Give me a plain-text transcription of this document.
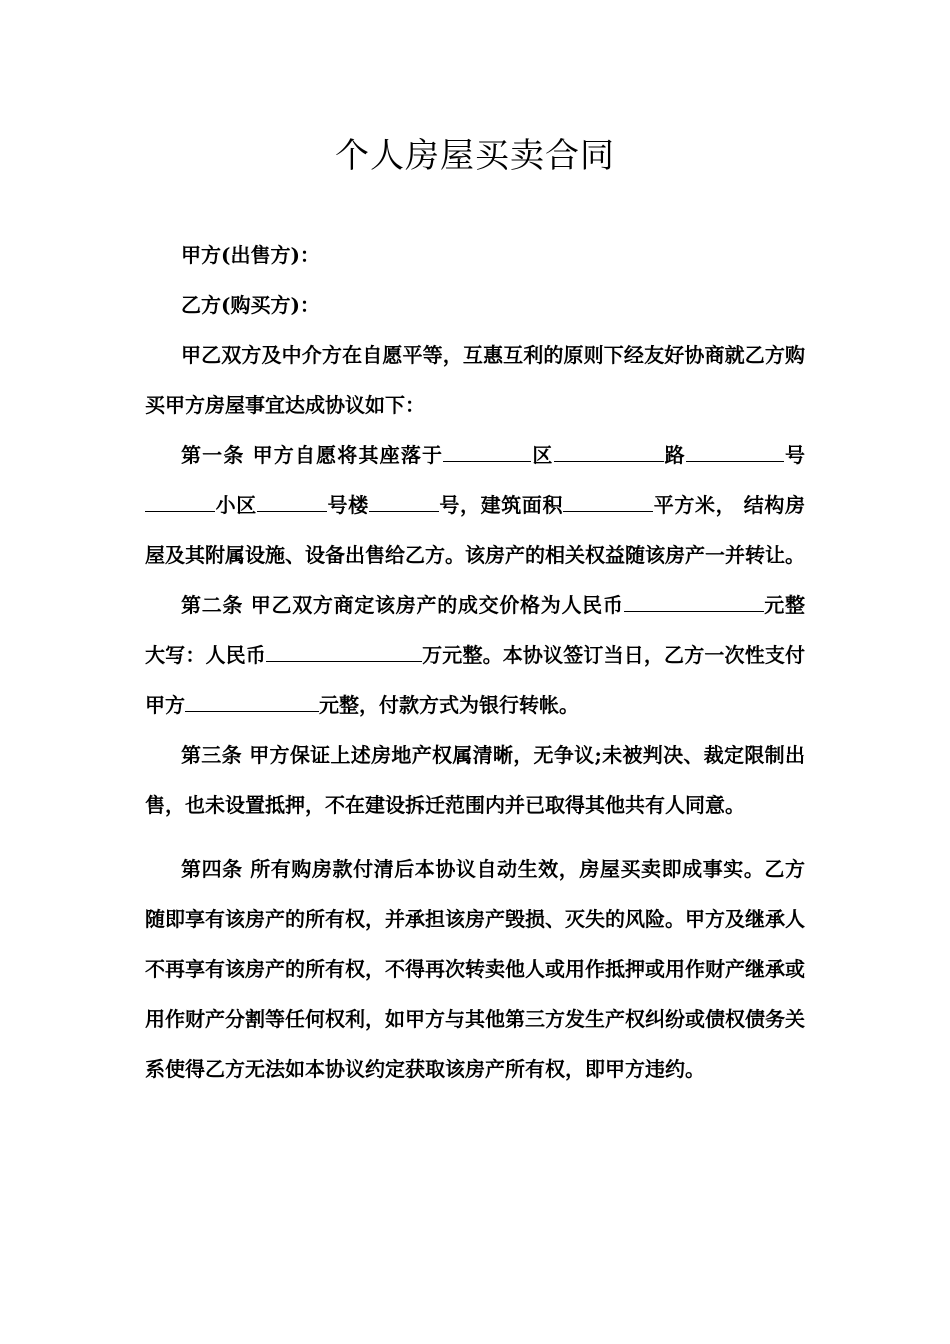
个人房屋买卖合同

甲方(出售方)：

乙方(购买方)：

甲乙双方及中介方在自愿平等，互惠互利的原则下经友好协商就乙方购买甲方房屋事宜达成协议如下：

第一条 甲方自愿将其座落于	区	路	号小区	号楼	号，建筑面积	平方米， 结构房屋及其附属设施、设备出售给乙方。该房产的相关权益随该房产一并转让。

第二条 甲乙双方商定该房产的成交价格为人民币	元整大写：人民币	万元整。本协议签订当日，乙方一次性支付甲方	元整，付款方式为银行转帐。

第三条 甲方保证上述房地产权属清晰，无争议;未被判决、裁定限制出售，也未设置抵押，不在建设拆迁范围内并已取得其他共有人同意。

第四条 所有购房款付清后本协议自动生效，房屋买卖即成事实。乙方随即享有该房产的所有权，并承担该房产毁损、灭失的风险。甲方及继承人不再享有该房产的所有权，不得再次转卖他人或用作抵押或用作财产继承或用作财产分割等任何权利，如甲方与其他第三方发生产权纠纷或债权债务关系使得乙方无法如本协议约定获取该房产所有权，即甲方违约。
